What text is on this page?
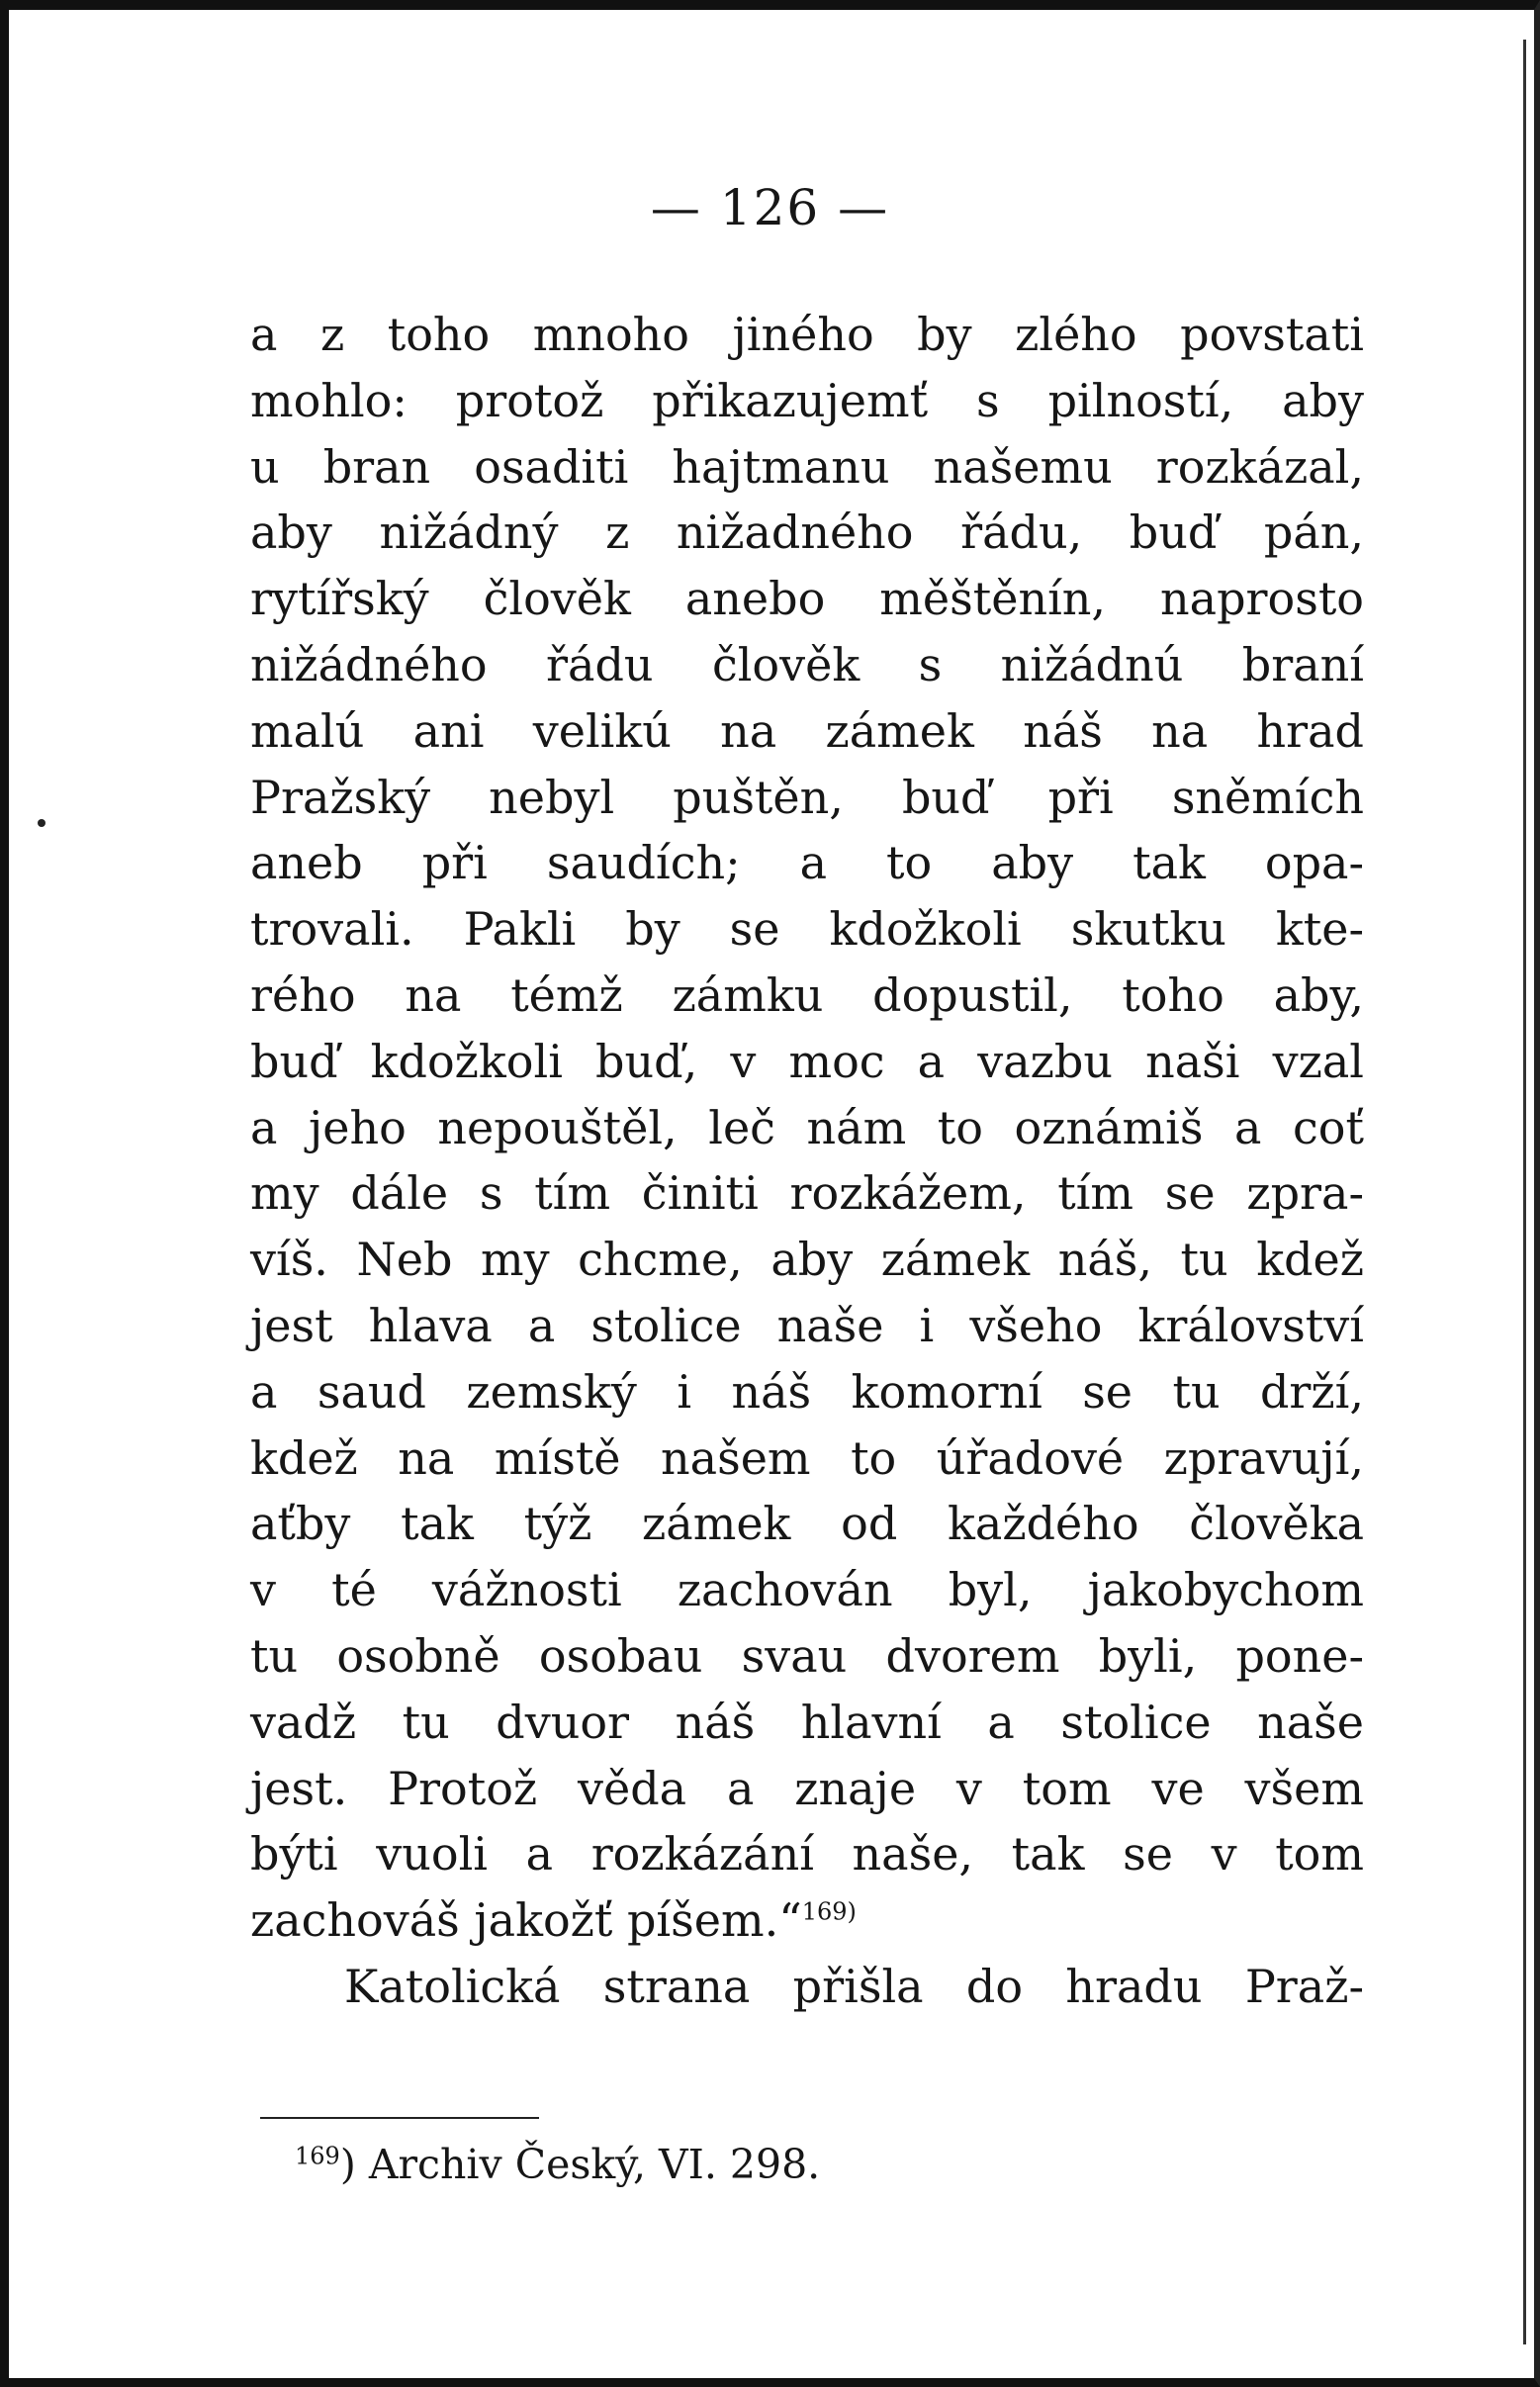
— 126 —
a z toho mnoho jiného by zlého povstati
mohlo: protož přikazujemť s pilností, aby
u bran osaditi hajtmanu našemu rozkázal,
aby nižádný z nižadného řádu, buď pán,
rytířský člověk anebo měštěnín, naprosto
nižádného řádu člověk s nižádnú braní
malú ani velikú na zámek náš na hrad
Pražský nebyl puštěn, buď při sněmích
aneb při saudích; a to aby tak opa-
trovali. Pakli by se kdožkoli skutku kte-
rého na témž zámku dopustil, toho aby,
buď kdožkoli buď, v moc a vazbu naši vzal
a jeho nepouštěl, leč nám to oznámiš a coť
my dále s tím činiti rozkážem, tím se zpra-
víš. Neb my chcme, aby zámek náš, tu kdež
jest hlava a stolice naše i všeho království
a saud zemský i náš komorní se tu drží,
kdež na místě našem to úřadové zpravují,
aťby tak týž zámek od každého člověka
v té vážnosti zachován byl, jakobychom
tu osobně osobau svau dvorem byli, pone-
vadž tu dvuor náš hlavní a stolice naše
jest. Protož věda a znaje v tom ve všem
býti vuoli a rozkázání naše, tak se v tom
zachováš jakožť píšem.“$^{169)}$
Katolická strana přišla do hradu Praž-
$^{169}$) Archiv Český, VI. 298.
